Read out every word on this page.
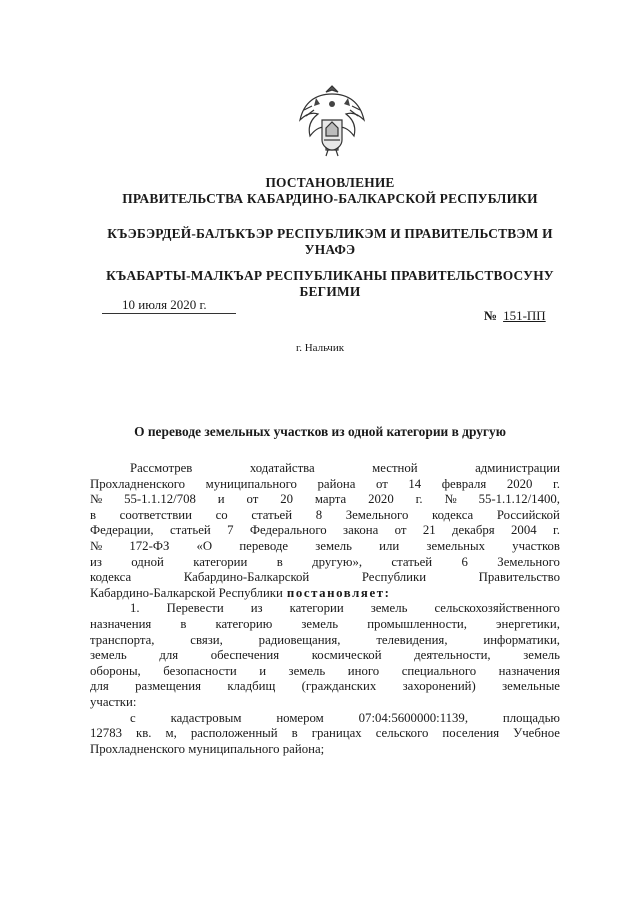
ПОСТАНОВЛЕНИЕ
ПРАВИТЕЛЬСТВА КАБАРДИНО-БАЛКАРСКОЙ РЕСПУБЛИКИ
КЪЭБЭРДЕЙ-БАЛЪКЪЭР РЕСПУБЛИКЭМ И ПРАВИТЕЛЬСТВЭМ И
УНАФЭ
КЪАБАРТЫ-МАЛКЪАР РЕСПУБЛИКАНЫ ПРАВИТЕЛЬСТВОСУНУ
БЕГИМИ
10 июля 2020 г.
№ 151-ПП
г. Нальчик
О переводе земельных участков из одной категории в другую
Рассмотрев	ходатайства	местной	администрации
Прохладненского муниципального района от 14 февраля 2020 г.
№ 55-1.1.12/708 и от 20 марта 2020 г. № 55-1.1.12/1400,
в соответствии со статьей 8 Земельного кодекса Российской
Федерации, статьей 7 Федерального закона от 21 декабря 2004 г.
№ 172-ФЗ «О переводе земель или земельных участков
из одной категории в другую», статьей 6 Земельного
кодекса	Кабардино-Балкарской	Республики	Правительство
Кабардино-Балкарской Республики постановляет:
1. Перевести из категории земель сельскохозяйственного
назначения в категорию земель промышленности, энергетики,
транспорта,	связи,	радиовещания,	телевидения,	информатики,
земель	для	обеспечения	космической	деятельности,	земель
обороны, безопасности и земель иного специального назначения
для размещения кладбищ (гражданских захоронений) земельные
участки:
с	кадастровым	номером	07:04:5600000:1139,	площадью
12783 кв. м, расположенный в границах сельского поселения Учебное
Прохладненского муниципального района;
